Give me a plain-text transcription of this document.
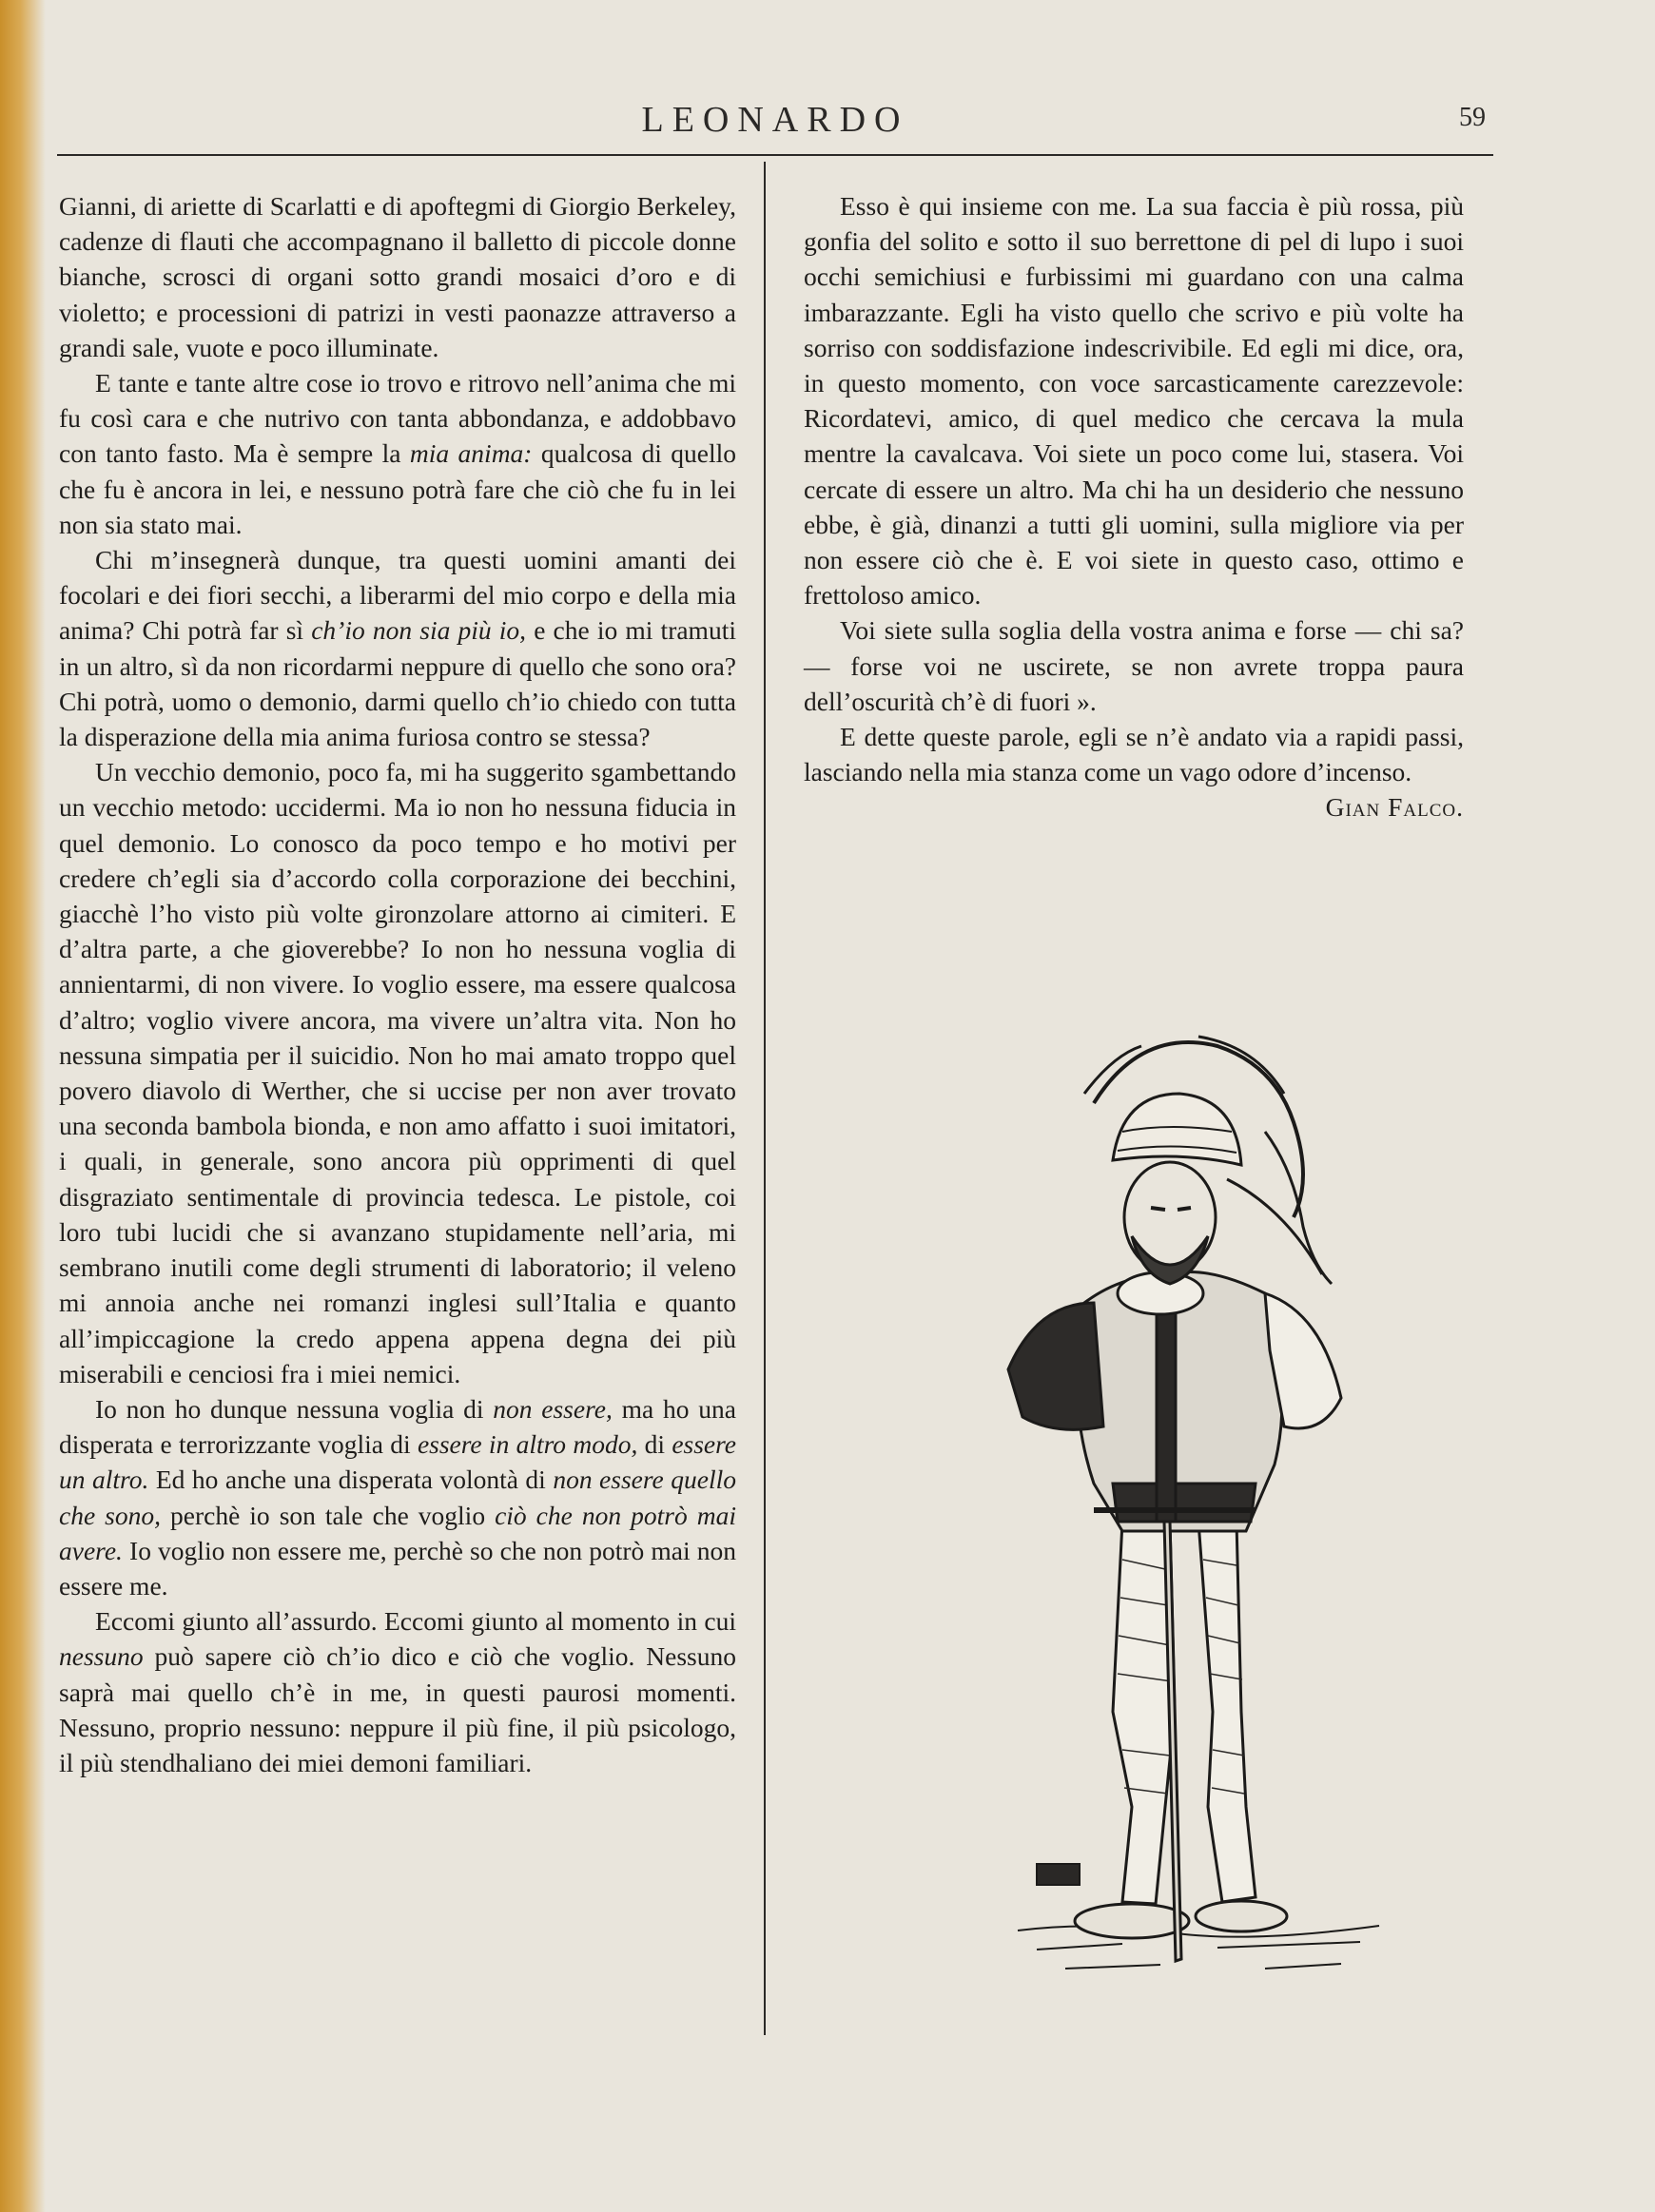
LEONARDO	59

Gianni, di ariette di Scarlatti e di apoftegmi di Giorgio Berkeley, cadenze di flauti che accompagnano il balletto di piccole donne bianche, scrosci di organi sotto grandi mosaici d’oro e di violetto; e processioni di patrizi in vesti paonazze attraverso a grandi sale, vuote e poco illuminate.

E tante e tante altre cose io trovo e ritrovo nell’anima che mi fu così cara e che nutrivo con tanta abbondanza, e addobbavo con tanto fasto. Ma è sempre la mia anima: qualcosa di quello che fu è ancora in lei, e nessuno potrà fare che ciò che fu in lei non sia stato mai.

Chi m’insegnerà dunque, tra questi uomini amanti dei focolari e dei fiori secchi, a liberarmi del mio corpo e della mia anima? Chi potrà far sì ch’io non sia più io, e che io mi tramuti in un altro, sì da non ricordarmi neppure di quello che sono ora? Chi potrà, uomo o demonio, darmi quello ch’io chiedo con tutta la disperazione della mia anima furiosa contro se stessa?

Un vecchio demonio, poco fa, mi ha suggerito sgambettando un vecchio metodo: uccidermi. Ma io non ho nessuna fiducia in quel demonio. Lo conosco da poco tempo e ho motivi per credere ch’egli sia d’accordo colla corporazione dei becchini, giacchè l’ho visto più volte gironzolare attorno ai cimiteri. E d’altra parte, a che gioverebbe? Io non ho nessuna voglia di annientarmi, di non vivere. Io voglio essere, ma essere qualcosa d’altro; voglio vivere ancora, ma vivere un’altra vita. Non ho nessuna simpatia per il suicidio. Non ho mai amato troppo quel povero diavolo di Werther, che si uccise per non aver trovato una seconda bambola bionda, e non amo affatto i suoi imitatori, i quali, in generale, sono ancora più opprimenti di quel disgraziato sentimentale di provincia tedesca. Le pistole, coi loro tubi lucidi che si avanzano stupidamente nell’aria, mi sembrano inutili come degli strumenti di laboratorio; il veleno mi annoia anche nei romanzi inglesi sull’Italia e quanto all’impiccagione la credo appena appena degna dei più miserabili e cenciosi fra i miei nemici.

Io non ho dunque nessuna voglia di non essere, ma ho una disperata e terrorizzante voglia di essere in altro modo, di essere un altro. Ed ho anche una disperata volontà di non essere quello che sono, perchè io son tale che voglio ciò che non potrò mai avere. Io voglio non essere me, perchè so che non potrò mai non essere me.

Eccomi giunto all’assurdo. Eccomi giunto al momento in cui nessuno può sapere ciò ch’io dico e ciò che voglio. Nessuno saprà mai quello ch’è in me, in questi paurosi momenti. Nessuno, proprio nessuno: neppure il più fine, il più psicologo, il più stendhaliano dei miei demoni familiari.

Esso è qui insieme con me. La sua faccia è più rossa, più gonfia del solito e sotto il suo berrettone di pel di lupo i suoi occhi semichiusi e furbissimi mi guardano con una calma imbarazzante. Egli ha visto quello che scrivo e più volte ha sorriso con soddisfazione indescrivibile. Ed egli mi dice, ora, in questo momento, con voce sarcasticamente carezzevole: Ricordatevi, amico, di quel medico che cercava la mula mentre la cavalcava. Voi siete un poco come lui, stasera. Voi cercate di essere un altro. Ma chi ha un desiderio che nessuno ebbe, è già, dinanzi a tutti gli uomini, sulla migliore via per non essere ciò che è. E voi siete in questo caso, ottimo e frettoloso amico.

Voi siete sulla soglia della vostra anima e forse — chi sa? — forse voi ne uscirete, se non avrete troppa paura dell’oscurità ch’è di fuori ».

E dette queste parole, egli se n’è andato via a rapidi passi, lasciando nella mia stanza come un vago odore d’incenso.

Gian Falco.
